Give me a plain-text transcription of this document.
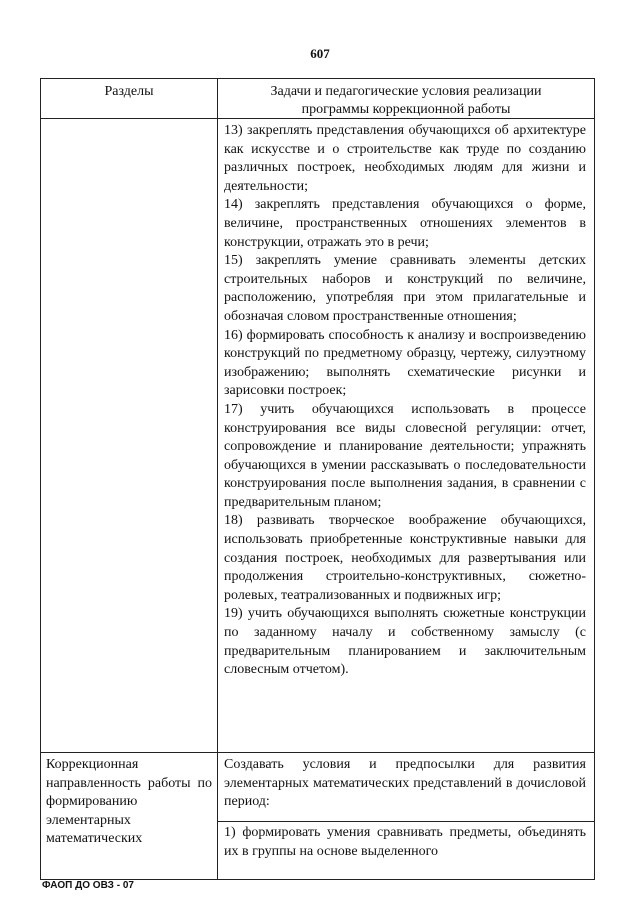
607
Разделы	Задачи и педагогические условия реализации
программы коррекционной работы

13) закреплять представления обучающихся об архитектуре как искусстве и о строительстве как труде по созданию различных построек, необходимых людям для жизни и деятельности;

14) закреплять представления обучающихся о форме, величине, пространственных отношениях элементов в конструкции, отражать это в речи;

15) закреплять умение сравнивать элементы детских строительных наборов и конструкций по величине, расположению, употребляя при этом прилагательные и обозначая словом пространственные отношения;

16) формировать способность к анализу и воспроизведению конструкций по предметному образцу, чертежу, силуэтному изображению; выполнять схематические рисунки и зарисовки построек;

17) учить обучающихся использовать в процессе конструирования все виды словесной регуляции: отчет, сопровождение и планирование деятельности; упражнять обучающихся в умении рассказывать о последовательности конструирования после выполнения задания, в сравнении с предварительным планом;

18) развивать творческое воображение обучающихся, использовать приобретенные конструктивные навыки для создания построек, необходимых для развертывания или продолжения строительно-конструктивных, сюжетно-ролевых, театрализованных и подвижных игр;

19) учить обучающихся выполнять сюжетные конструкции по заданному началу и собственному замыслу (с предварительным планированием и заключительным словесным отчетом).

Коррекционная направленность работы по формированию элементарных математических

Создавать условия и предпосылки для развития элементарных математических представлений в дочисловой период:

1) формировать умения сравнивать предметы, объединять их в группы на основе выделенного

ФАОП ДО ОВЗ - 07
